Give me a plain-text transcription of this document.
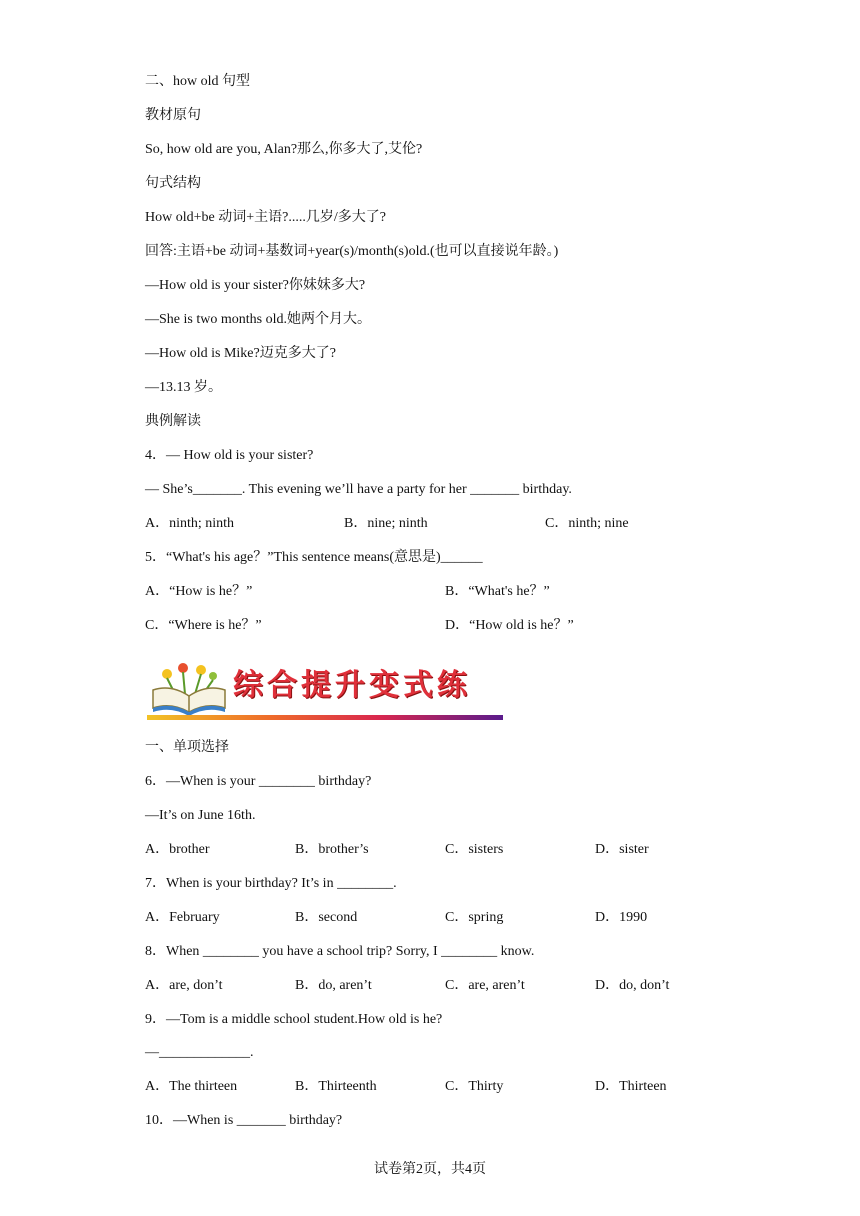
二、how old 句型
教材原句
So, how old are you, Alan?那么,你多大了,艾伦?
句式结构
How old+be 动词+主语?.....几岁/多大了?
回答:主语+be 动词+基数词+year(s)/month(s)old.(也可以直接说年龄。)
—How old is your sister?你妹妹多大?
—She is two months old.她两个月大。
—How old is Mike?迈克多大了?
—13.13 岁。
典例解读
4．— How old is your sister?
— She’s_______. This evening we’ll have a party for her _______ birthday.
A．ninth; ninth	B．nine; ninth	C．ninth; nine
5．“What's his age？”This sentence means(意思是)______
A．“How is he？”	B．“What's he？”
C．“Where is he？”	D．“How old is he？”
综合提升变式练
一、单项选择
6．—When is your ________ birthday?
—It’s on June 16th.
A．brother	B．brother’s	C．sisters	D．sister
7．When is your birthday? It’s in ________.
A．February	B．second	C．spring	D．1990
8．When ________ you have a school trip? Sorry, I ________ know.
A．are, don’t	B．do, aren’t	C．are, aren’t	D．do, don’t
9．—Tom is a middle school student.How old is he?
—_____________.
A．The thirteen	B．Thirteenth	C．Thirty	D．Thirteen
10．—When is _______ birthday?
试卷第2页，共4页
